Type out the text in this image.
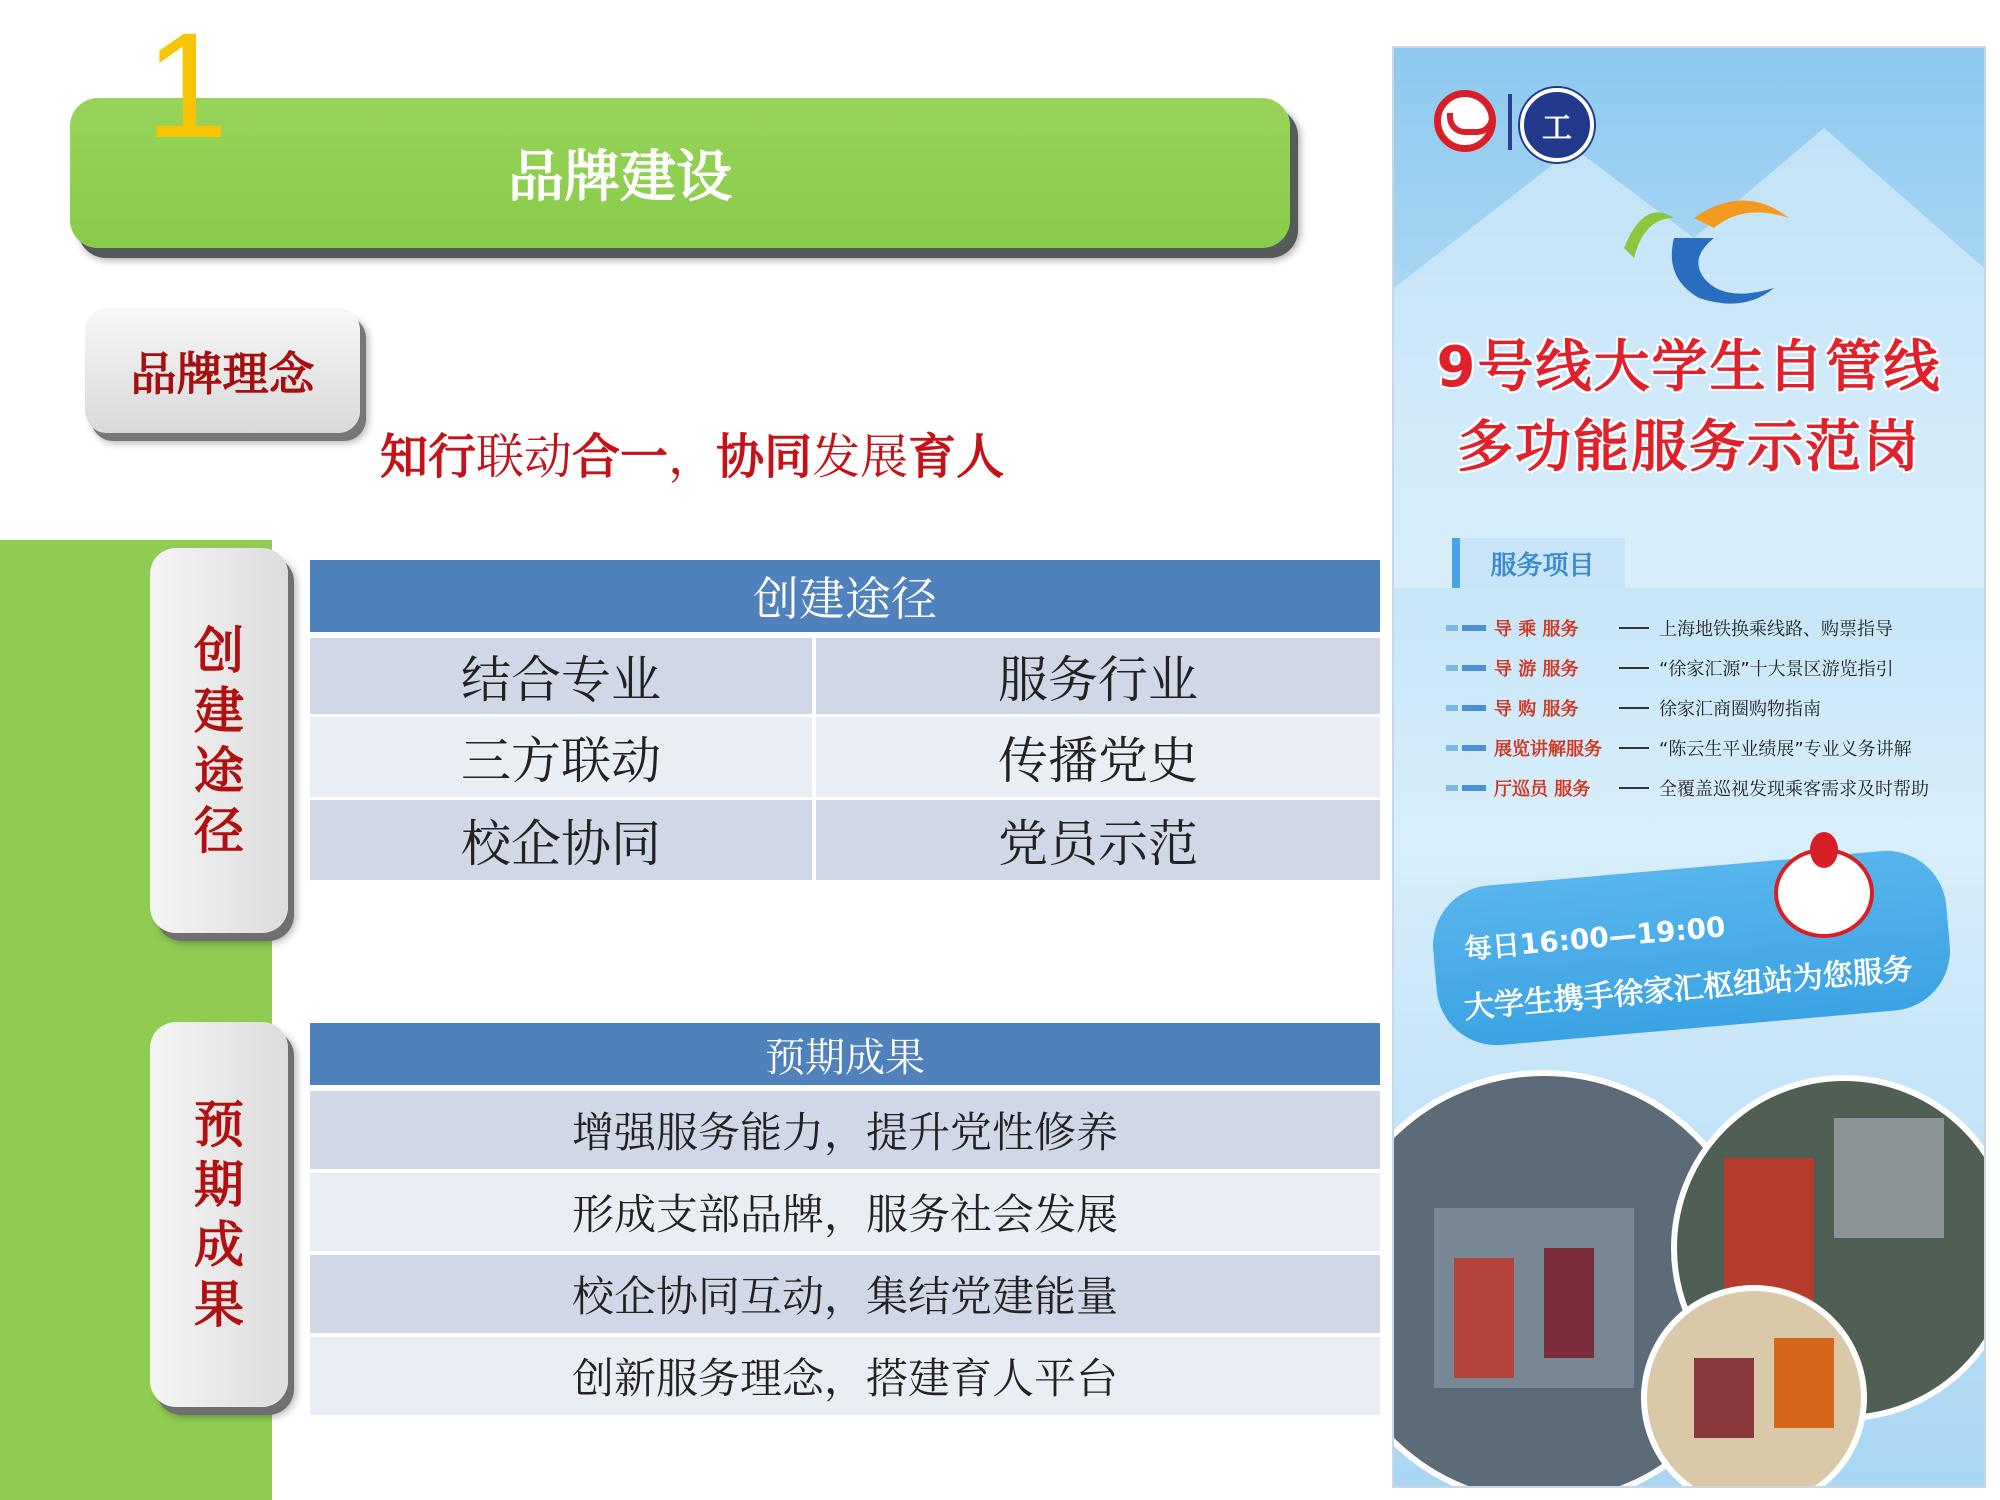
品牌建设
1
品牌理念
知行联动合一，协同发展育人
创
建
途
径
创建途径
结合专业	服务行业
三方联动	传播党史
校企协同	党员示范
预
期
成
果
预期成果
增强服务能力，提升党性修养
形成支部品牌，服务社会发展
校企协同互动，集结党建能量
创新服务理念，搭建育人平台
工
9号线大学生自管线
多功能服务示范岗
服务项目
导 乘 服务	上海地铁换乘线路、购票指导
导 游 服务	“徐家汇源”十大景区游览指引
导 购 服务	徐家汇商圈购物指南
展览讲解服务	“陈云生平业绩展”专业义务讲解
厅巡员 服务	全覆盖巡视发现乘客需求及时帮助
每日16:00—19:00
大学生携手徐家汇枢纽站为您服务
